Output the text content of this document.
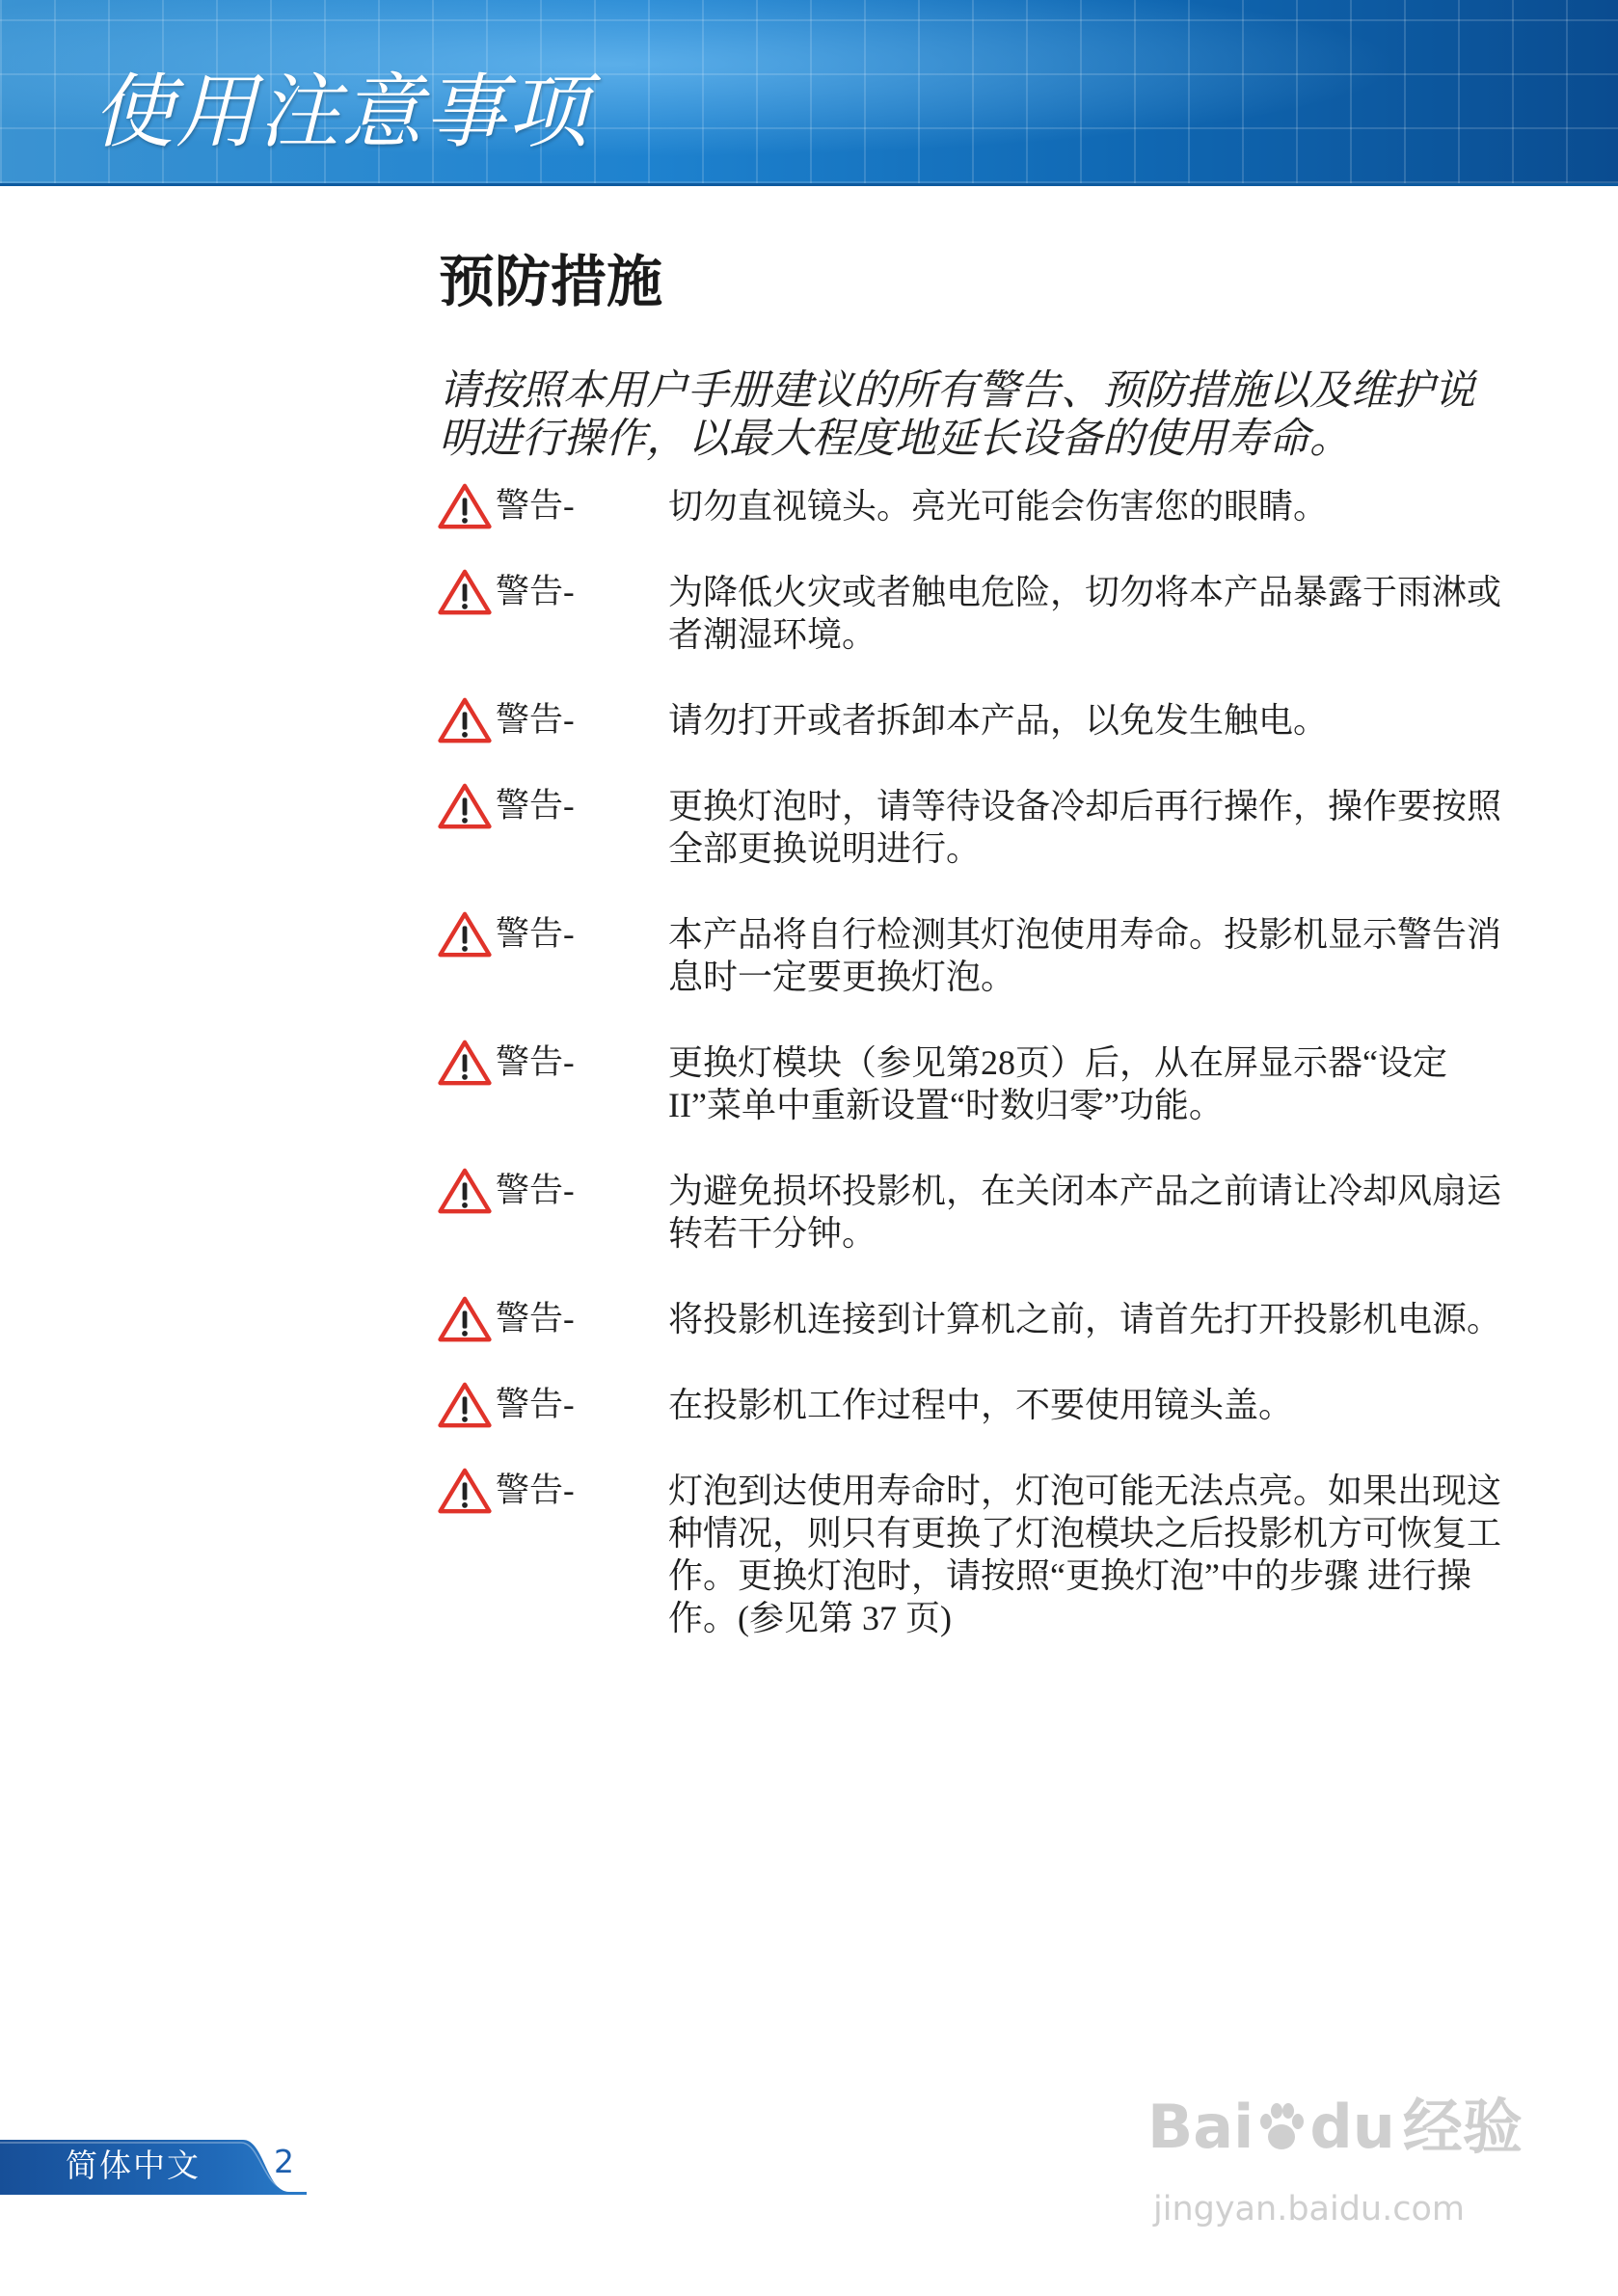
使用注意事项
预防措施
请按照本用户手册建议的所有警告、预防措施以及维护说
明进行操作，以最大程度地延长设备的使用寿命。
警告-	切勿直视镜头。亮光可能会伤害您的眼睛。
警告-	为降低火灾或者触电危险，切勿将本产品暴露于雨淋或
者潮湿环境。
警告-	请勿打开或者拆卸本产品，以免发生触电。
警告-	更换灯泡时，请等待设备冷却后再行操作，操作要按照
全部更换说明进行。
警告-	本产品将自行检测其灯泡使用寿命。投影机显示警告消
息时一定要更换灯泡。
警告-	更换灯模块（参见第28页）后，从在屏显示器“设定
II”菜单中重新设置“时数归零”功能。
警告-	为避免损坏投影机，在关闭本产品之前请让冷却风扇运
转若干分钟。
警告-	将投影机连接到计算机之前，请首先打开投影机电源。
警告-	在投影机工作过程中，不要使用镜头盖。
警告-	灯泡到达使用寿命时，灯泡可能无法点亮。如果出现这
种情况，则只有更换了灯泡模块之后投影机方可恢复工
作。更换灯泡时，请按照“更换灯泡”中的步骤 进行操
作。(参见第 37 页)
简体中文 2	Bai du 经验
jingyan.baidu.com
